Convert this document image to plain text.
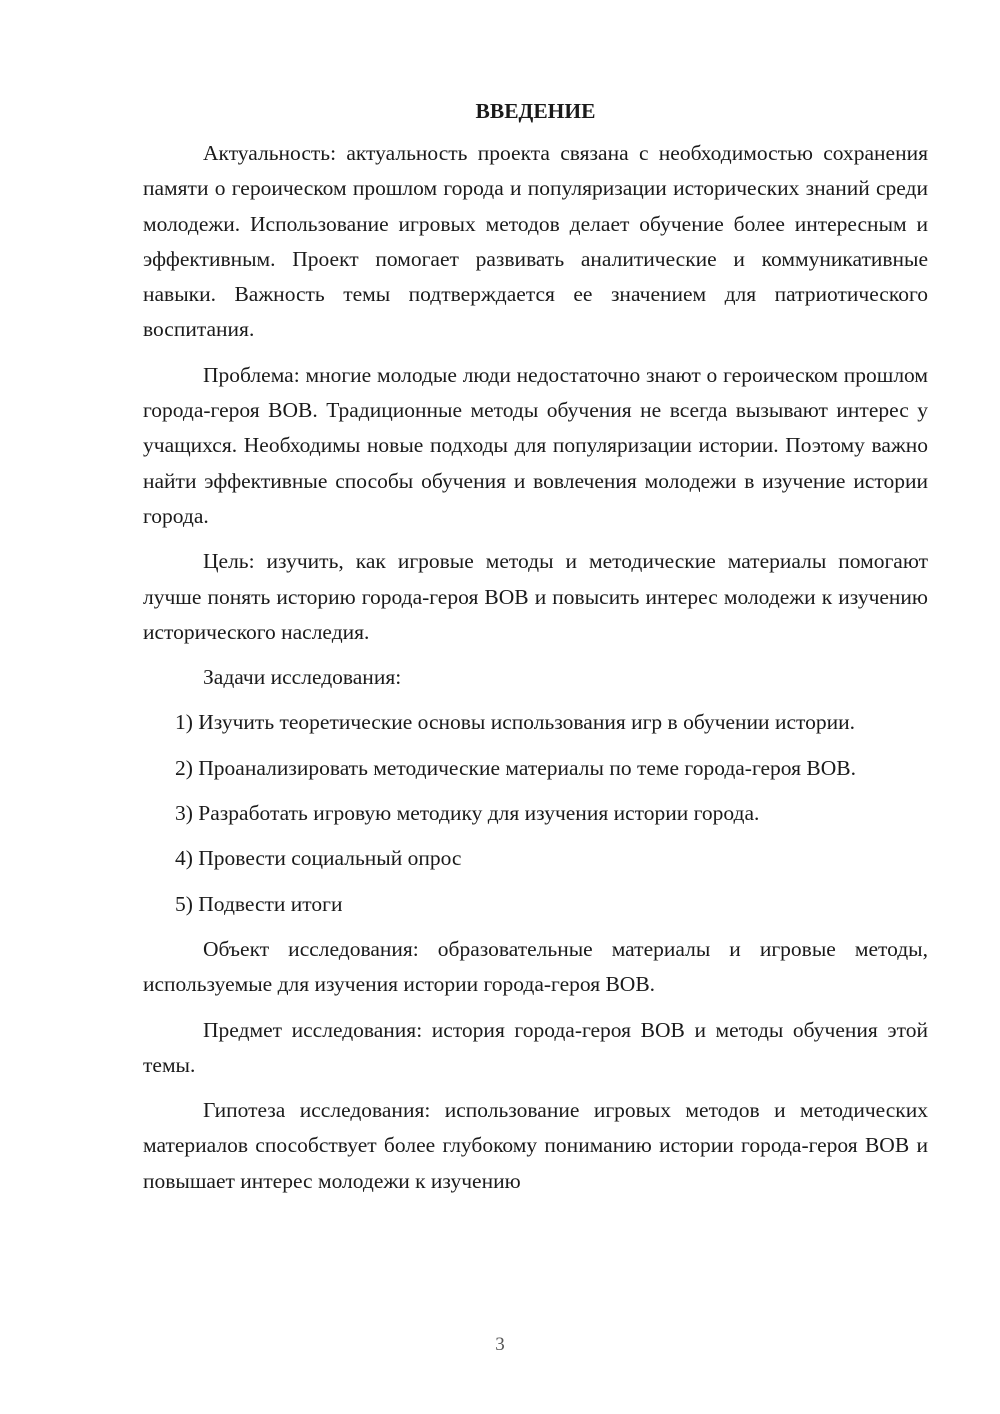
ВВЕДЕНИЕ

Актуальность: актуальность проекта связана с необходимостью сохранения памяти о героическом прошлом города и популяризации исторических знаний среди молодежи. Использование игровых методов делает обучение более интересным и эффективным. Проект помогает развивать аналитические и коммуникативные навыки. Важность темы подтверждается ее значением для патриотического воспитания.

Проблема: многие молодые люди недостаточно знают о героическом прошлом города-героя ВОВ. Традиционные методы обучения не всегда вызывают интерес у учащихся. Необходимы новые подходы для популяризации истории. Поэтому важно найти эффективные способы обучения и вовлечения молодежи в изучение истории города.

Цель: изучить, как игровые методы и методические материалы помогают лучше понять историю города-героя ВОВ и повысить интерес молодежи к изучению исторического наследия.

Задачи исследования:

1) Изучить теоретические основы использования игр в обучении истории.

2) Проанализировать методические материалы по теме города-героя ВОВ.

3) Разработать игровую методику для изучения истории города.

4) Провести социальный опрос

5) Подвести итоги

Объект исследования: образовательные материалы и игровые методы, используемые для изучения истории города-героя ВОВ.

Предмет исследования: история города-героя ВОВ и методы обучения этой темы.

Гипотеза исследования: использование игровых методов и методических материалов способствует более глубокому пониманию истории города-героя ВОВ и повышает интерес молодежи к изучению

3
